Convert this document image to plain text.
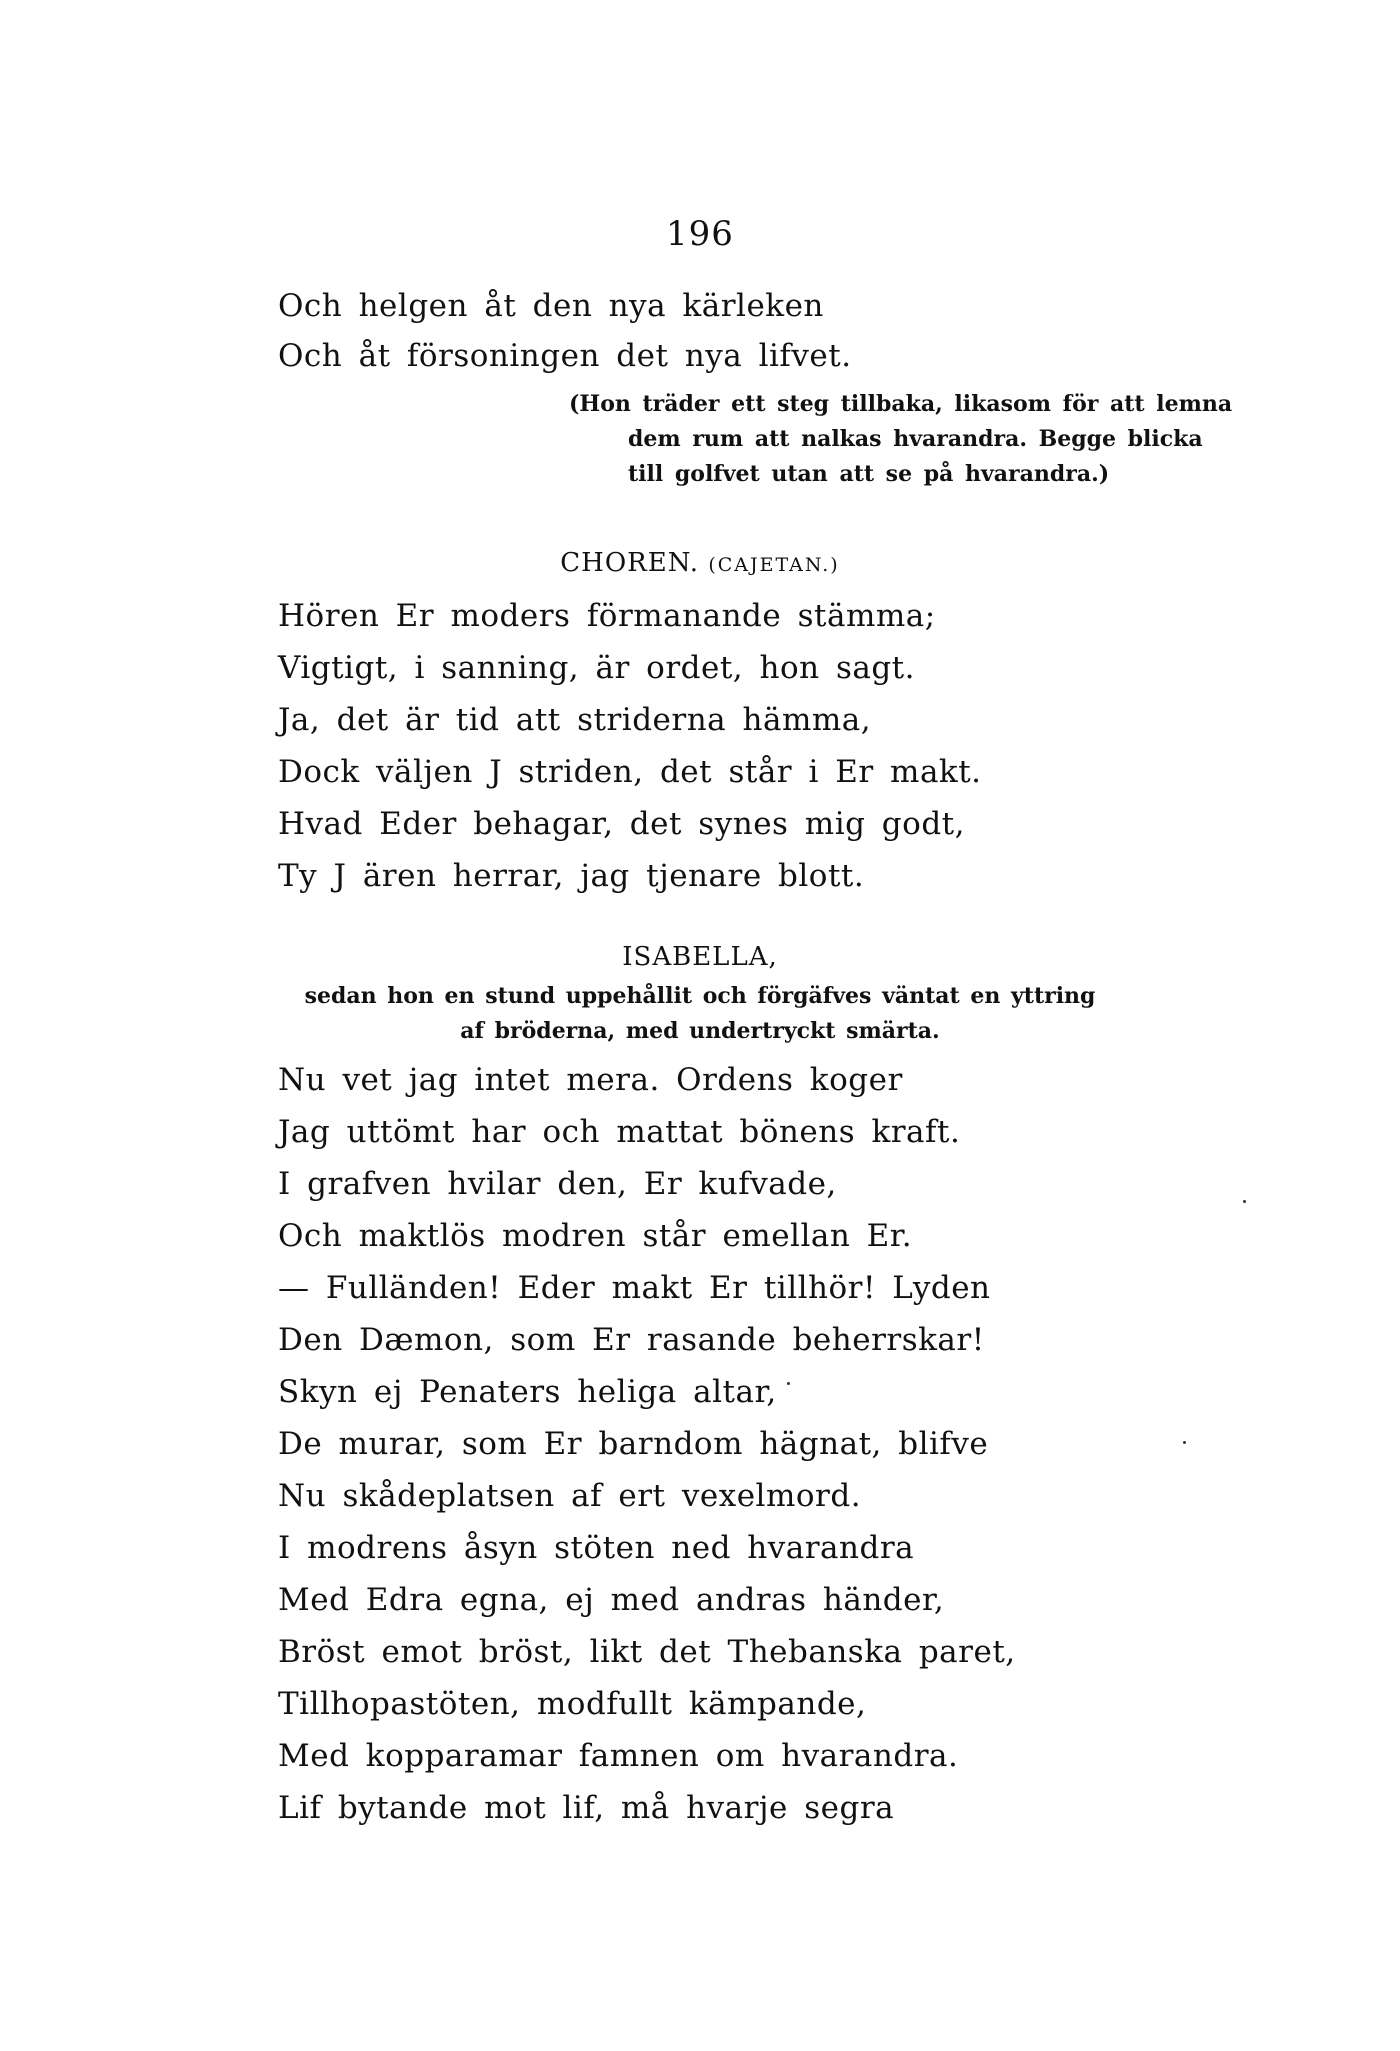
196
Och helgen åt den nya kärleken
Och åt försoningen det nya lifvet.
(Hon träder ett steg tillbaka, likasom för att lemna
dem rum att nalkas hvarandra. Begge blicka
till golfvet utan att se på hvarandra.)
CHOREN. (CAJETAN.)
Hören Er moders förmanande stämma;
Vigtigt, i sanning, är ordet, hon sagt.
Ja, det är tid att striderna hämma,
Dock väljen J striden, det står i Er makt.
Hvad Eder behagar, det synes mig godt,
Ty J ären herrar, jag tjenare blott.
ISABELLA,
sedan hon en stund uppehållit och förgäfves väntat en yttring
af bröderna, med undertryckt smärta.
Nu vet jag intet mera. Ordens koger
Jag uttömt har och mattat bönens kraft.
I grafven hvilar den, Er kufvade,
Och maktlös modren står emellan Er.
— Fulländen! Eder makt Er tillhör! Lyden
Den Dæmon, som Er rasande beherrskar!
Skyn ej Penaters heliga altar,
De murar, som Er barndom hägnat, blifve
Nu skådeplatsen af ert vexelmord.
I modrens åsyn stöten ned hvarandra
Med Edra egna, ej med andras händer,
Bröst emot bröst, likt det Thebanska paret,
Tillhopastöten, modfullt kämpande,
Med kopparamar famnen om hvarandra.
Lif bytande mot lif, må hvarje segra
